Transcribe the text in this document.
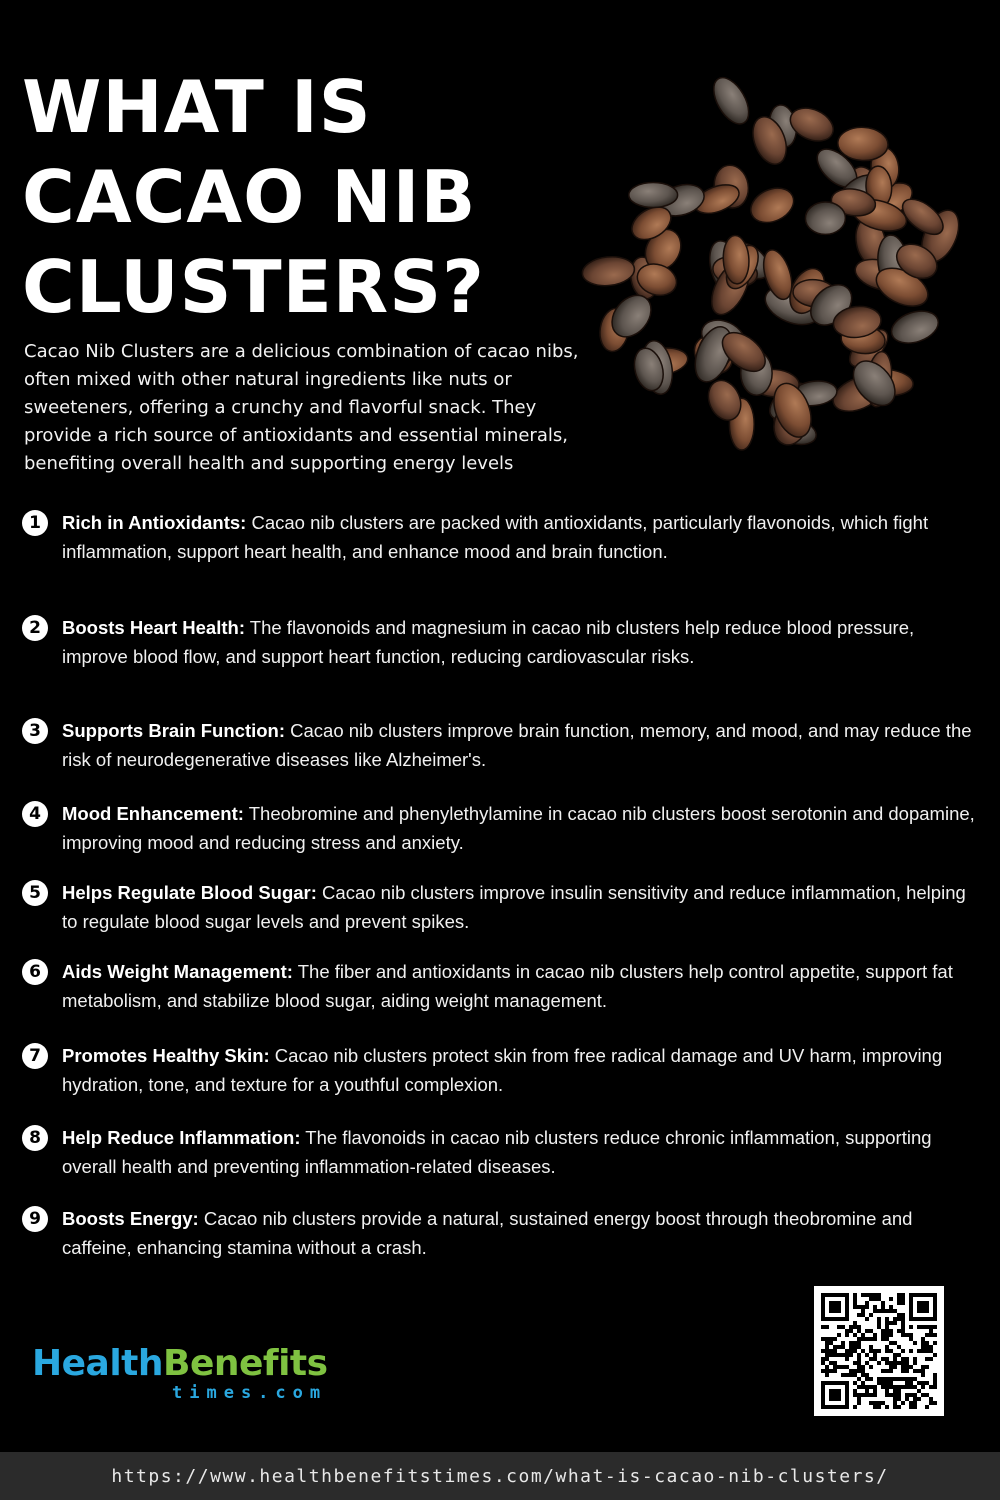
WHAT IS
CACAO NIB
CLUSTERS?

Cacao Nib Clusters are a delicious combination of cacao nibs, often mixed with other natural ingredients like nuts or sweeteners, offering a crunchy and flavorful snack. They provide a rich source of antioxidants and essential minerals, benefiting overall health and supporting energy levels

1	Rich in Antioxidants: Cacao nib clusters are packed with antioxidants, particularly flavonoids, which fight inflammation, support heart health, and enhance mood and brain function.
2	Boosts Heart Health: The flavonoids and magnesium in cacao nib clusters help reduce blood pressure, improve blood flow, and support heart function, reducing cardiovascular risks.
3	Supports Brain Function: Cacao nib clusters improve brain function, memory, and mood, and may reduce the risk of neurodegenerative diseases like Alzheimer's.
4	Mood Enhancement: Theobromine and phenylethylamine in cacao nib clusters boost serotonin and dopamine, improving mood and reducing stress and anxiety.
5	Helps Regulate Blood Sugar: Cacao nib clusters improve insulin sensitivity and reduce inflammation, helping to regulate blood sugar levels and prevent spikes.
6	Aids Weight Management: The fiber and antioxidants in cacao nib clusters help control appetite, support fat metabolism, and stabilize blood sugar, aiding weight management.
7	Promotes Healthy Skin: Cacao nib clusters protect skin from free radical damage and UV harm, improving hydration, tone, and texture for a youthful complexion.
8	Help Reduce Inflammation: The flavonoids in cacao nib clusters reduce chronic inflammation, supporting overall health and preventing inflammation-related diseases.
9	Boosts Energy: Cacao nib clusters provide a natural, sustained energy boost through theobromine and caffeine, enhancing stamina without a crash.
HealthBenefits
times.com
https://www.healthbenefitstimes.com/what-is-cacao-nib-clusters/
